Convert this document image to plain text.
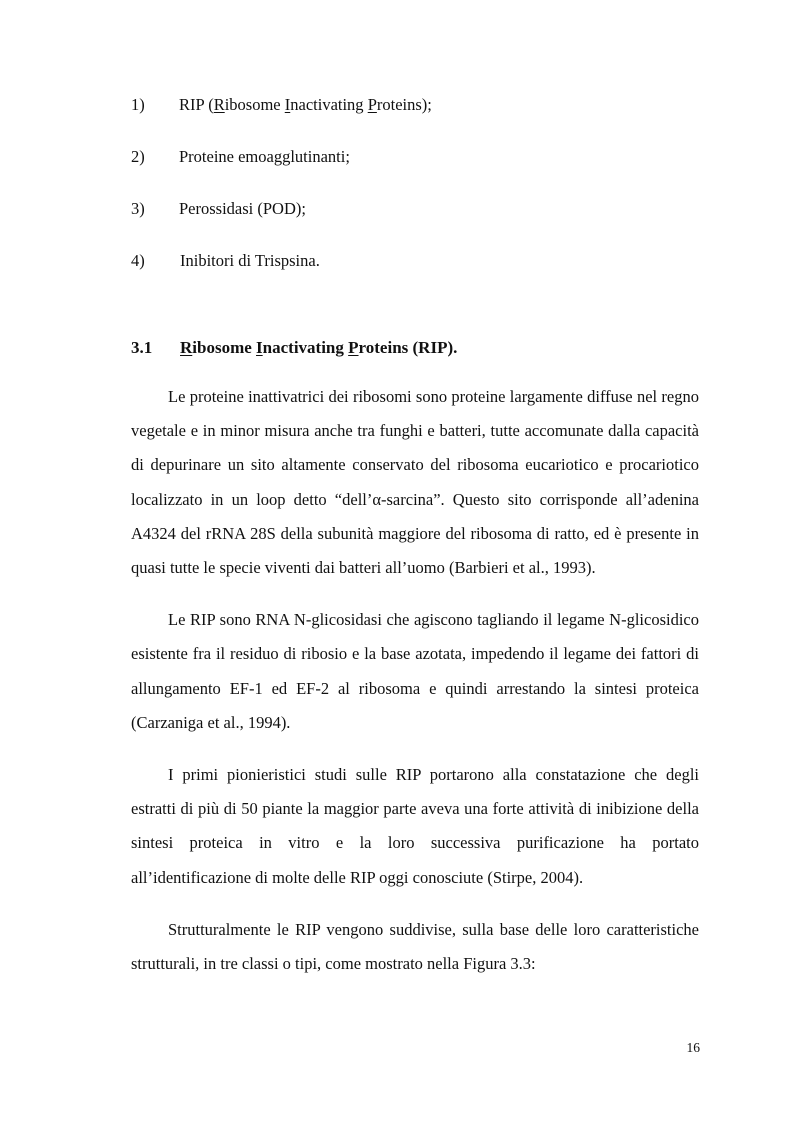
1) RIP (Ribosome Inactivating Proteins);
2) Proteine emoagglutinanti;
3) Perossidasi (POD);
4) Inibitori di Trispsina.
3.1 Ribosome Inactivating Proteins (RIP).

Le proteine inattivatrici dei ribosomi sono proteine largamente diffuse nel regno vegetale e in minor misura anche tra funghi e batteri, tutte accomunate dalla capacità di depurinare un sito altamente conservato del ribosoma eucariotico e procariotico localizzato in un loop detto “dell’α-sarcina”. Questo sito corrisponde all’adenina A4324 del rRNA 28S della subunità maggiore del ribosoma di ratto, ed è presente in quasi tutte le specie viventi dai batteri all’uomo (Barbieri et al., 1993).

Le RIP sono RNA N-glicosidasi che agiscono tagliando il legame N-glicosidico esistente fra il residuo di ribosio e la base azotata, impedendo il legame dei fattori di allungamento EF-1 ed EF-2 al ribosoma e quindi arrestando la sintesi proteica (Carzaniga et al., 1994).

I primi pionieristici studi sulle RIP portarono alla constatazione che degli estratti di più di 50 piante la maggior parte aveva una forte attività di inibizione della sintesi proteica in vitro e la loro successiva purificazione ha portato all’identificazione di molte delle RIP oggi conosciute (Stirpe, 2004).

Strutturalmente le RIP vengono suddivise, sulla base delle loro caratteristiche strutturali, in tre classi o tipi, come mostrato nella Figura 3.3:

16
